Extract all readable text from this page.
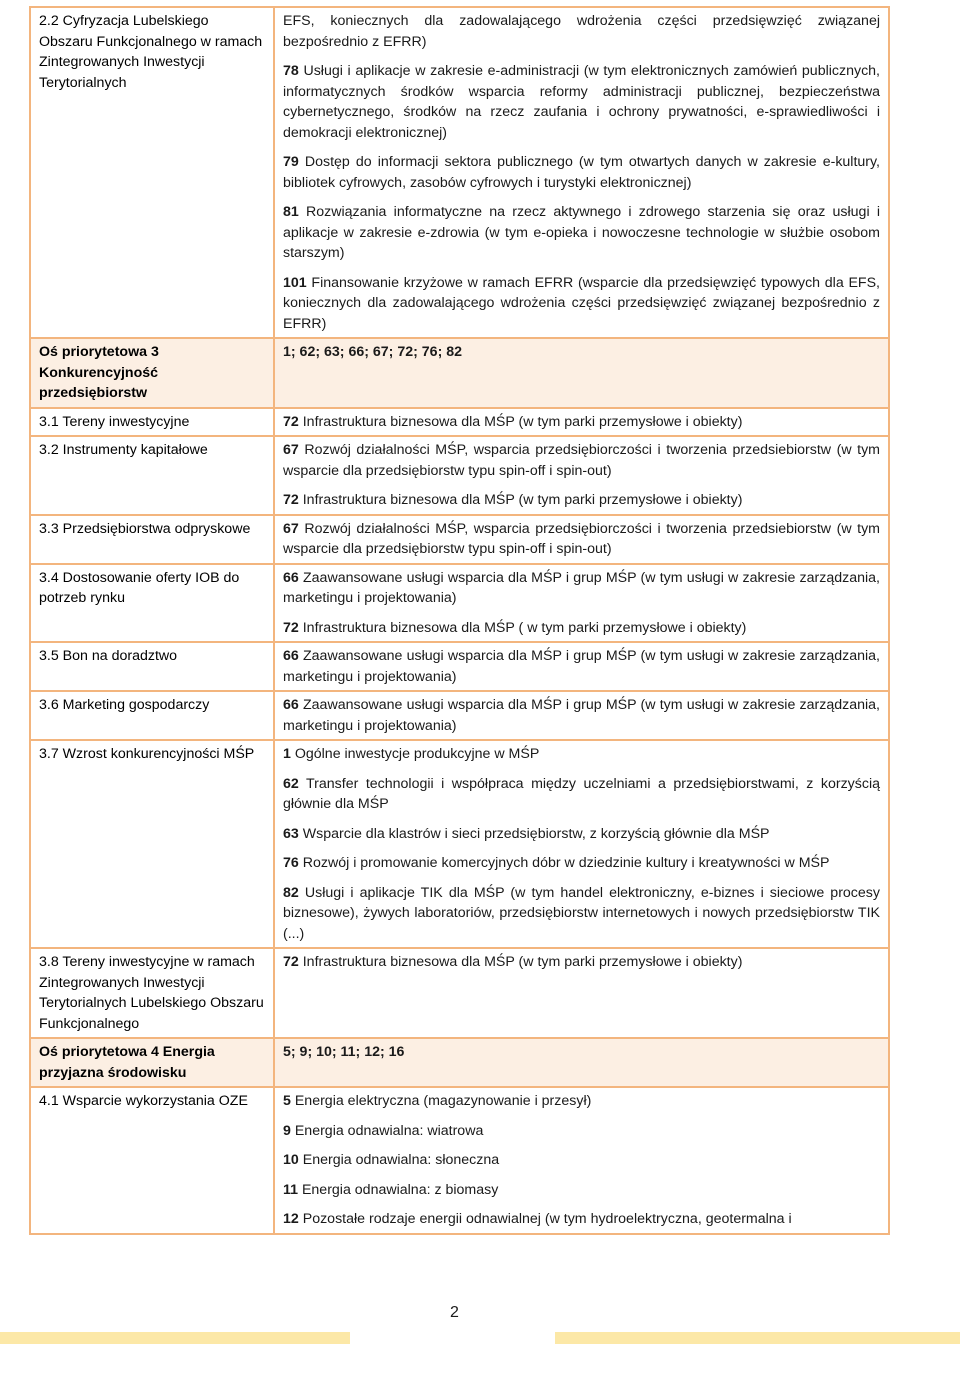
2.2 Cyfryzacja Lubelskiego Obszaru Funkcjonalnego w ramach Zintegrowanych Inwestycji Terytorialnych	EFS, koniecznych dla zadowalającego wdrożenia części przedsięwzięć związanej bezpośrednio z EFRR)
78 Usługi i aplikacje w zakresie e-administracji (w tym elektronicznych zamówień publicznych, informatycznych środków wsparcia reformy administracji publicznej, bezpieczeństwa cybernetycznego, środków na rzecz zaufania i ochrony prywatności, e-sprawiedliwości i demokracji elektronicznej)
79 Dostęp do informacji sektora publicznego (w tym otwartych danych w zakresie e-kultury, bibliotek cyfrowych, zasobów cyfrowych i turystyki elektronicznej)
81 Rozwiązania informatyczne na rzecz aktywnego i zdrowego starzenia się oraz usługi i aplikacje w zakresie e-zdrowia (w tym e-opieka i nowoczesne technologie w służbie osobom starszym)
101 Finansowanie krzyżowe w ramach EFRR (wsparcie dla przedsięwzięć typowych dla EFS, koniecznych dla zadowalającego wdrożenia części przedsięwzięć związanej bezpośrednio z EFRR)

Oś priorytetowa 3 Konkurencyjność przedsiębiorstw	1; 62; 63; 66; 67; 72; 76; 82

3.1 Tereny inwestycyjne	72 Infrastruktura biznesowa dla MŚP (w tym parki przemysłowe i obiekty)

3.2 Instrumenty kapitałowe	67 Rozwój działalności MŚP, wsparcia przedsiębiorczości i tworzenia przedsiebiorstw (w tym wsparcie dla przedsiębiorstw typu spin-off i spin-out)
72 Infrastruktura biznesowa dla MŚP (w tym parki przemysłowe i obiekty)

3.3 Przedsiębiorstwa odpryskowe	67 Rozwój działalności MŚP, wsparcia przedsiębiorczości i tworzenia przedsiebiorstw (w tym wsparcie dla przedsiębiorstw typu spin-off i spin-out)

3.4 Dostosowanie oferty IOB do potrzeb rynku	66 Zaawansowane usługi wsparcia dla MŚP i grup MŚP (w tym usługi w zakresie zarządzania, marketingu i projektowania)
72 Infrastruktura biznesowa dla MŚP ( w tym parki przemysłowe i obiekty)

3.5 Bon na doradztwo	66 Zaawansowane usługi wsparcia dla MŚP i grup MŚP (w tym usługi w zakresie zarządzania, marketingu i projektowania)

3.6 Marketing gospodarczy	66 Zaawansowane usługi wsparcia dla MŚP i grup MŚP (w tym usługi w zakresie zarządzania, marketingu i projektowania)

3.7 Wzrost konkurencyjności MŚP	1 Ogólne inwestycje produkcyjne w MŚP
62 Transfer technologii i współpraca między uczelniami a przedsiębiorstwami, z korzyścią głównie dla MŚP
63 Wsparcie dla klastrów i sieci przedsiębiorstw, z korzyścią głównie dla MŚP
76 Rozwój i promowanie komercyjnych dóbr w dziedzinie kultury i kreatywności w MŚP
82 Usługi i aplikacje TIK dla MŚP (w tym handel elektroniczny, e-biznes i sieciowe procesy biznesowe), żywych laboratoriów, przedsiębiorstw internetowych i nowych przedsiębiorstw TIK (...)

3.8 Tereny inwestycyjne w ramach Zintegrowanych Inwestycji Terytorialnych Lubelskiego Obszaru Funkcjonalnego	72 Infrastruktura biznesowa dla MŚP (w tym parki przemysłowe i obiekty)

Oś priorytetowa 4 Energia przyjazna środowisku	5; 9; 10; 11; 12; 16

4.1 Wsparcie wykorzystania OZE	5 Energia elektryczna (magazynowanie i przesył)
9 Energia odnawialna: wiatrowa
10 Energia odnawialna: słoneczna
11 Energia odnawialna: z biomasy
12 Pozostałe rodzaje energii odnawialnej (w tym hydroelektryczna, geotermalna i
2
